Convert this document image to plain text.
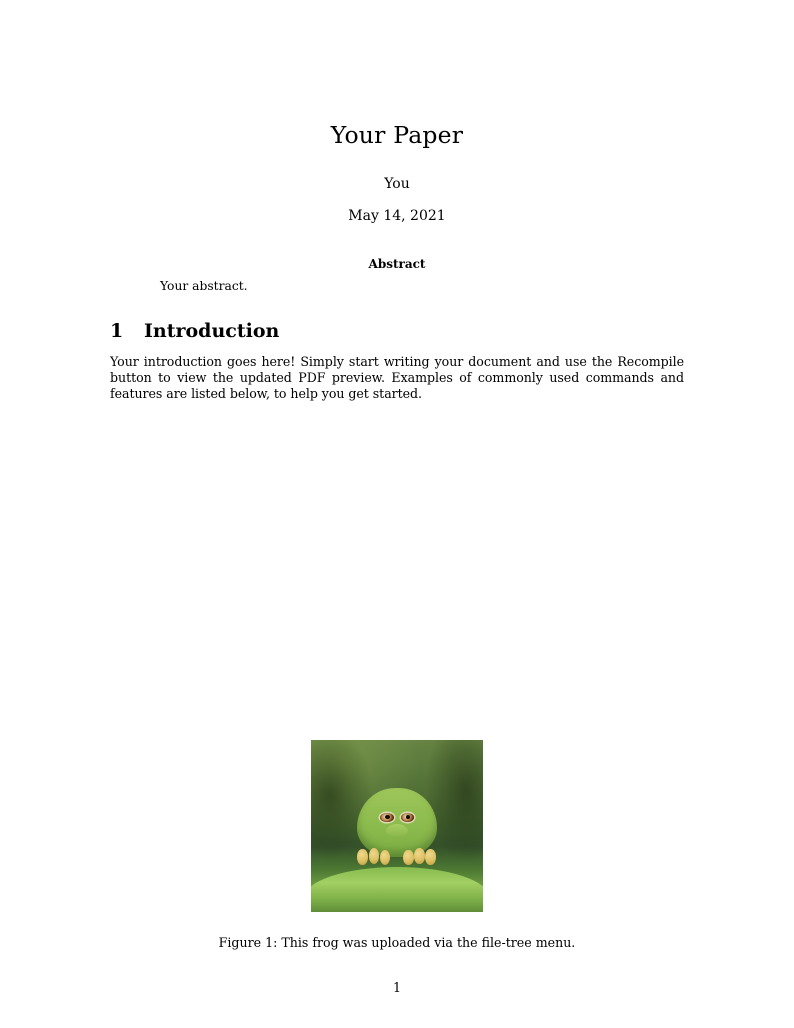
Your Paper
You
May 14, 2021
Abstract
Your abstract.
1	Introduction

Your introduction goes here! Simply start writing your document and use the Recompile button to view the updated PDF preview. Examples of commonly used commands and features are listed below, to help you get started.

Figure 1: This frog was uploaded via the file-tree menu.
1
